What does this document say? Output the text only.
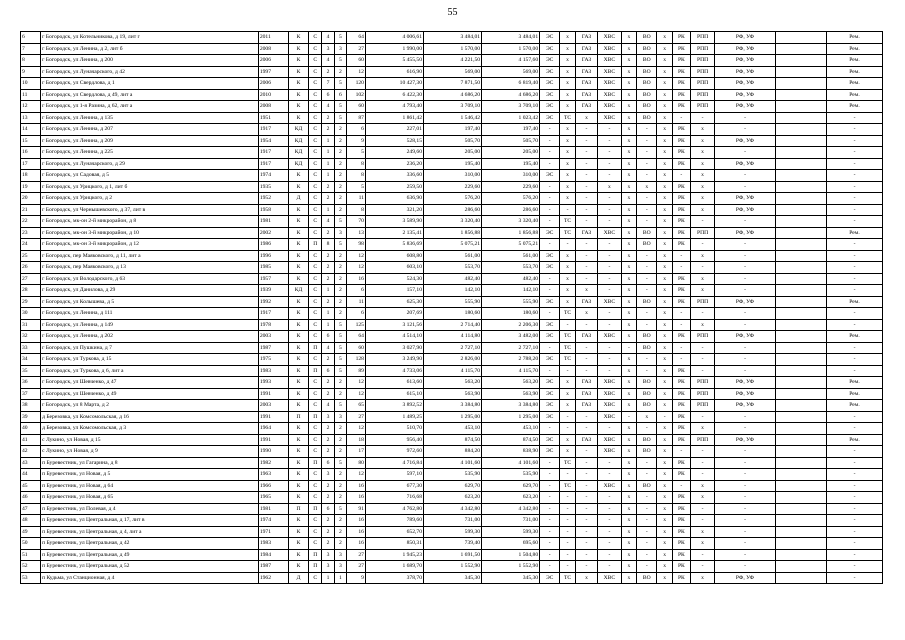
55
6	г Богородск, ул Котельникова, д 19, лит г	2011	К	С	4	5	64	4 006,61	3 484,01	3 484,01	ЭС	х	ГАЗ	ХВС	х	ВО	х	РК	РПП	РФ, УФ		Рем.
7	г Богородск, ул Ленина, д 2, лит б	2008	К	С	3	3	27	1 990,00	1 570,00	1 570,00	ЭС	х	ГАЗ	ХВС	х	ВО	х	РК	РПП	РФ, УФ		Рем.
8	г Богородск, ул Ленина, д 200	2006	К	С	4	5	60	5 455,50	4 221,50	4 157,60	ЭС	х	ГАЗ	ХВС	х	ВО	х	РК	РПП	РФ, УФ		Рем.
9	г Богородск, ул Луначарского, д 42	1997	К	С	2	2	12	616,90	569,00	569,00	ЭС	х	ГАЗ	ХВС	х	ВО	х	РК	РПП	РФ, УФ		Рем.
10	г Богородск, ул Свердлова, д 1	2006	К	С	7	5	120	10 427,30	7 871,50	6 819,40	ЭС	х	ГАЗ	ХВС	х	ВО	х	РК	РПП	РФ, УФ		Рем.
11	г Богородск, ул Свердлова, д 49, лит а	2010	К	С	6	6	102	6 422,30	4 686,20	4 686,20	ЭС	х	ГАЗ	ХВС	х	ВО	х	РК	РПП	РФ, УФ		Рем.
12	г Богородск, ул 1-я Разина, д 62, лит а	2008	К	С	4	5	60	4 793,40	3 709,10	3 709,10	ЭС	х	ГАЗ	ХВС	х	ВО	х	РК	РПП	РФ, УФ		Рем.
13	г Богородск, ул Ленина, д 135	1951	К	С	2	5	87	1 861,42	1 546,42	1 023,42	ЭС	ТС	х	ХВС	х	ВО	х	-	-	-		-
14	г Богородск, ул Ленина, д 207	1917	КД	С	2	2	6	227,01	197,40	197,40	-	х	-	-	х	-	х	РК	х	-		-
15	г Богородск, ул Ленина, д 209	1954	КД	С	1	2	9	528,15	505,70	505,70	-	х	-	-	х	-	х	РК	х	РФ, УФ		-
16	г Богородск, ул Ленина, д 225	1917	КД	С	1	2	5	249,60	205,00	205,00	-	х	-	-	х	-	х	РК	х	-		-
17	г Богородск, ул Луначарского, д 29	1917	КД	С	1	2	8	236,20	195,40	195,40	-	х	-	-	х	-	х	РК	х	РФ, УФ		-
18	г Богородск, ул Садовая, д 5	1974	К	С	1	2	8	336,60	310,00	310,00	ЭС	х	-	-	х	-	х	-	х	-		-
19	г Богородск, ул Урицкого, д 1, лит б	1935	К	С	2	2	5	259,50	229,60	229,60	-	х	-	х	х	х	х	РК	х	-		-
20	г Богородск, ул Урицкого, д 2	1952	Д	С	2	2	11	636,90	576,20	576,20	-	х	-	-	х	-	х	РК	х	РФ, УФ		-
21	г Богородск, ул Чернышевского, д 37, лит в	1958	К	С	1	2	8	321,20	286,60	286,60	-	-	-	-	х	-	х	РК	х	РФ, УФ		-
22	г Богородск, мк-он 2-й микрорайон, д 8	1981	К	С	4	5	70	3 589,90	3 320,40	3 320,40	-	ТС	-	-	х	-	х	РК	-	-		-
23	г Богородск, мк-он 3-й микрорайон, д 10	2002	К	С	2	3	13	2 135,41	1 856,88	1 856,88	ЭС	ТС	ГАЗ	ХВС	х	ВО	х	РК	РПП	РФ, УФ		Рем.
24	г Богородск, мк-он 3-й микрорайон, д 12	1986	К	П	8	5	98	5 836,69	5 075,21	5 075,21	-	-	-	-	х	ВО	х	РК	-	-		-
25	г Богородск, пер Маяковского, д 11, лит а	1996	К	С	2	2	12	608,80	561,00	561,00	ЭС	х	-	-	х	-	х	-	х	-		-
26	г Богородск, пер Маяковского, д 13	1985	К	С	2	2	12	603,10	553,70	553,70	ЭС	х	-	-	х	-	х	-	-	-		-
27	г Богородск, ул Володарского, д 63	1957	К	С	2	2	16	524,30	482,40	482,40	-	х	-	-	х	-	х	РК	х	-		-
28	г Богородск, ул Данилова, д 29	1939	КД	С	1	2	6	157,10	142,10	142,10	-	х	х	-	х	-	х	РК	х	-		-
29	г Богородск, ул Колышева, д 5	1992	К	С	2	2	11	625,30	555,90	555,90	ЭС	х	ГАЗ	ХВС	х	ВО	х	РК	РПП	РФ, УФ		Рем.
30	г Богородск, ул Ленина, д 111	1917	К	С	1	2	6	207,69	180,60	180,60	-	ТС	х	-	х	-	х	-	-	-		-
31	г Богородск, ул Ленина, д 149	1978	К	С	1	5	125	3 121,56	2 714,40	2 206,30	ЭС	-	-	-	х	-	х	-	х	-		-
32	г Богородск, ул Ленина, д 202	2003	К	С	6	5	64	4 514,10	4 114,80	3 482,00	ЭС	ТС	ГАЗ	ХВС	х	ВО	х	РК	РПП	РФ, УФ		Рем.
33	г Богородск, ул Пушкина, д 7	1987	К	П	4	5	60	3 027,90	2 727,10	2 727,10	-	ТС	-	-	-	ВО	х	-	-	-		-
34	г Богородск, ул Туркова, д 15	1975	К	С	2	5	128	3 249,90	2 826,00	2 788,20	ЭС	ТС	-	-	х	-	х	-	-	-		-
35	г Богородск, ул Туркова, д 6, лит а	1983	К	П	6	5	89	4 733,06	4 115,70	4 115,70	-	-	-	-	х	-	х	РК	-	-		-
36	г Богородск, ул Шевченко, д 47	1993	К	С	2	2	12	613,60	563,20	563,20	ЭС	х	ГАЗ	ХВС	х	ВО	х	РК	РПП	РФ, УФ		Рем.
37	г Богородск, ул Шевченко, д 49	1991	К	С	2	2	12	615,10	563,90	563,90	ЭС	х	ГАЗ	ХВС	х	ВО	х	РК	РПП	РФ, УФ		Рем.
38	г Богородск, ул 8 Марта, д 2	2003	К	С	4	5	65	3 892,52	3 384,80	3 384,80	ЭС	х	ГАЗ	ХВС	х	ВО	х	РК	РПП	РФ, УФ		Рем.
39	д Березовка, ул Комсомольская, д 16	1991	П	П	3	3	27	1 489,25	1 295,00	1 295,00	ЭС	-	-	ХВС	-	х	-	РК	-	-		-
40	д Березовка, ул Комсомольская, д 3	1964	К	С	2	2	12	510,70	453,10	453,10	-	-	-	-	х	-	х	РК	х	-		-
41	с Лукино, ул Новая, д 15	1991	К	С	2	2	18	956,40	874,50	874,50	ЭС	х	ГАЗ	ХВС	х	ВО	х	РК	РПП	РФ, УФ		Рем.
42	с Лукино, ул Новая, д 9	1990	К	С	2	2	17	972,60	884,20	838,90	ЭС	х	-	ХВС	х	ВО	х	-	-	-		-
43	п Буревестник, ул Гагарина, д 8	1982	К	П	6	5	80	4 716,84	4 101,60	4 101,60	-	ТС	-	-	х	-	х	РК	-	-		-
44	п Буревестник, ул Новая, д 5	1963	К	С	3	2	12	597,10	535,90	535,90	-	-	-	-	х	-	х	РК	-	-		-
45	п Буревестник, ул Новая, д 64	1966	К	С	2	2	16	677,30	629,70	629,70	-	ТС	-	ХВС	х	ВО	х	-	х	-		-
46	п Буревестник, ул Новая, д 65	1965	К	С	2	2	16	716,68	623,20	623,20	-	-	-	-	х	-	х	РК	х	-		-
47	п Буревестник, ул Полевая, д 4	1981	П	П	6	5	91	4 762,80	4 342,80	4 342,80	-	-	-	-	х	-	х	РК	-	-		-
48	п Буревестник, ул Центральная, д 17, лит в	1974	К	С	2	2	16	789,60	731,00	731,00	-	-	-	-	х	-	х	РК	-	-		-
49	п Буревестник, ул Центральная, д 4, лит а	1971	К	С	2	2	16	652,70	599,30	599,30	-	-	-	-	х	-	х	РК	х	-		-
50	п Буревестник, ул Центральная, д 42	1983	К	С	2	2	16	850,31	739,40	695,60	-	-	-	-	х	-	х	РК	х	-		-
51	п Буревестник, ул Центральная, д 49	1984	К	П	3	3	27	1 945,23	1 691,50	1 504,80	-	-	-	-	х	-	х	РК	-	-		-
52	п Буревестник, ул Центральная, д 52	1987	К	П	3	3	27	1 689,70	1 552,90	1 552,90	-	-	-	-	х	-	х	РК	-	-		-
53	п Кудьма, ул Станционная, д 4	1962	Д	С	1	1	9	378,70	345,30	345,30	ЭС	ТС	х	ХВС	х	ВО	х	РК	х	РФ, УФ		-
